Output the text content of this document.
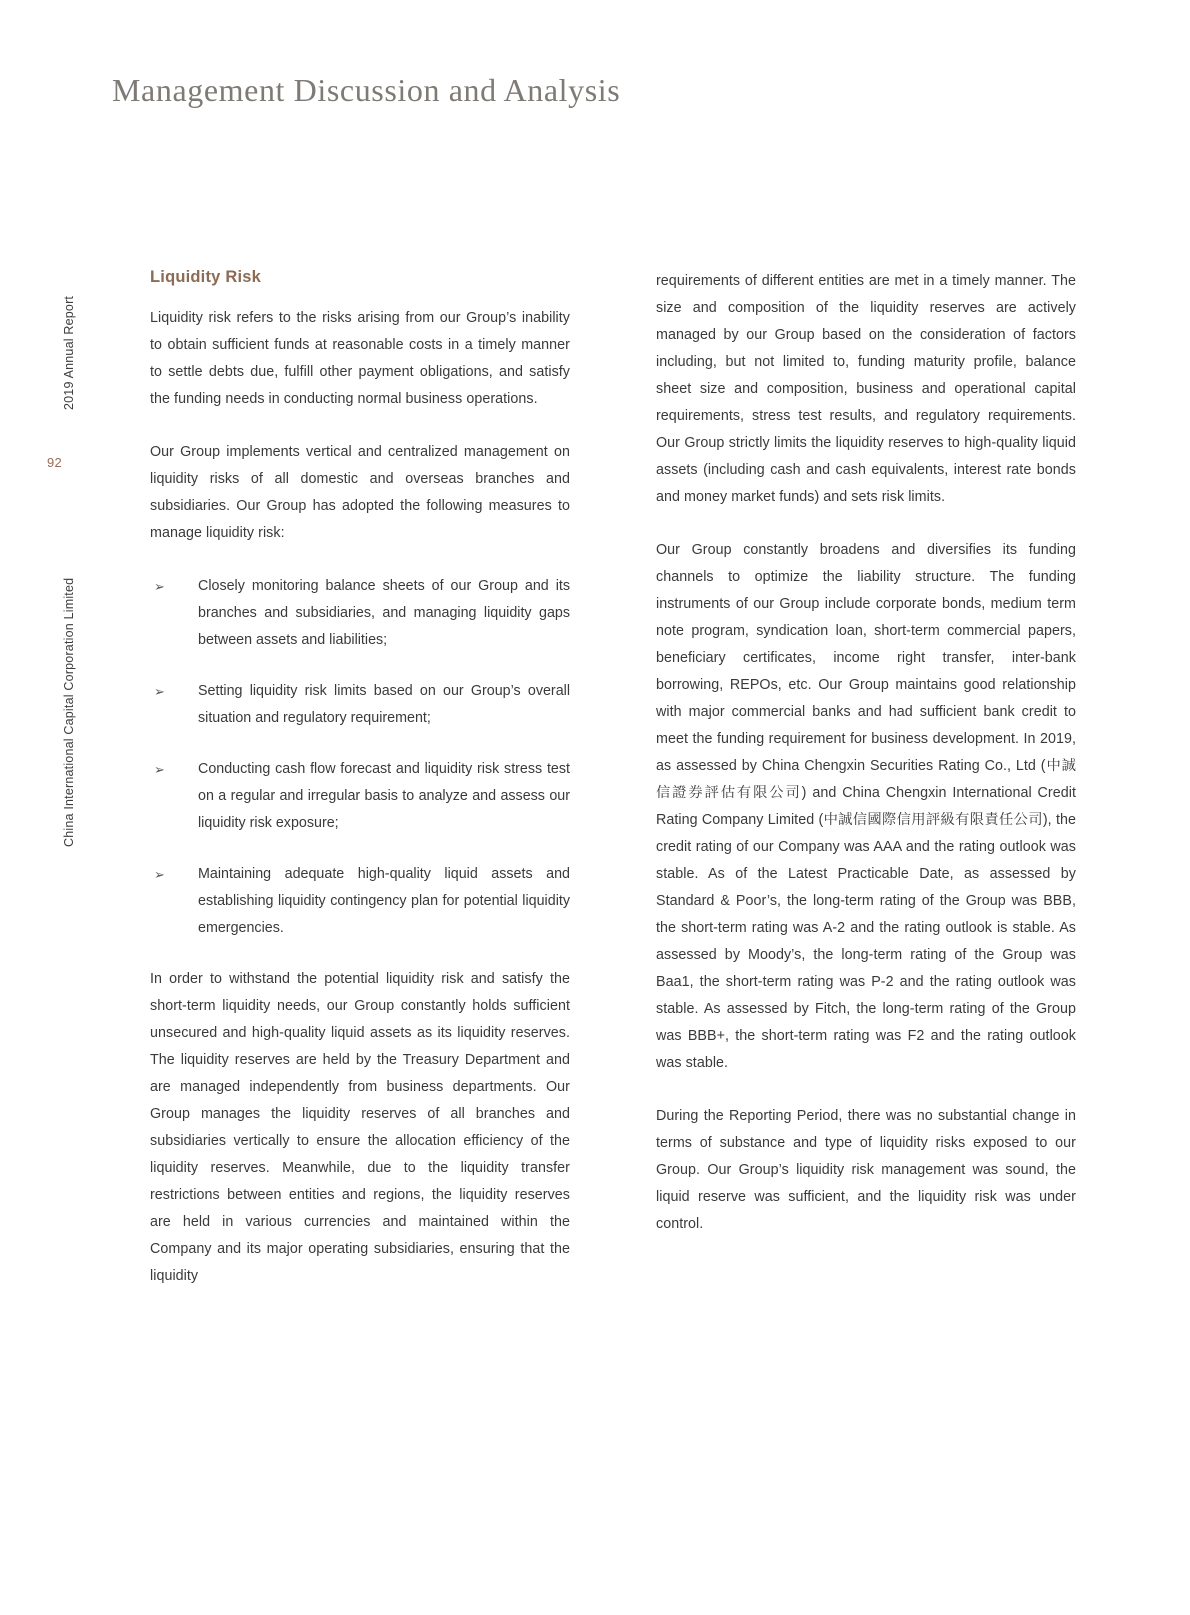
Management Discussion and Analysis
2019 Annual Report
China International Capital Corporation Limited
92
Liquidity Risk

Liquidity risk refers to the risks arising from our Group’s inability to obtain sufficient funds at reasonable costs in a timely manner to settle debts due, fulfill other payment obligations, and satisfy the funding needs in conducting normal business operations.

Our Group implements vertical and centralized management on liquidity risks of all domestic and overseas branches and subsidiaries. Our Group has adopted the following measures to manage liquidity risk:

➢ Closely monitoring balance sheets of our Group and its branches and subsidiaries, and managing liquidity gaps between assets and liabilities;
➢ Setting liquidity risk limits based on our Group’s overall situation and regulatory requirement;
➢ Conducting cash flow forecast and liquidity risk stress test on a regular and irregular basis to analyze and assess our liquidity risk exposure;
➢ Maintaining adequate high-quality liquid assets and establishing liquidity contingency plan for potential liquidity emergencies.

In order to withstand the potential liquidity risk and satisfy the short-term liquidity needs, our Group constantly holds sufficient unsecured and high-quality liquid assets as its liquidity reserves. The liquidity reserves are held by the Treasury Department and are managed independently from business departments. Our Group manages the liquidity reserves of all branches and subsidiaries vertically to ensure the allocation efficiency of the liquidity reserves. Meanwhile, due to the liquidity transfer restrictions between entities and regions, the liquidity reserves are held in various currencies and maintained within the Company and its major operating subsidiaries, ensuring that the liquidity

requirements of different entities are met in a timely manner. The size and composition of the liquidity reserves are actively managed by our Group based on the consideration of factors including, but not limited to, funding maturity profile, balance sheet size and composition, business and operational capital requirements, stress test results, and regulatory requirements. Our Group strictly limits the liquidity reserves to high-quality liquid assets (including cash and cash equivalents, interest rate bonds and money market funds) and sets risk limits.

Our Group constantly broadens and diversifies its funding channels to optimize the liability structure. The funding instruments of our Group include corporate bonds, medium term note program, syndication loan, short-term commercial papers, beneficiary certificates, income right transfer, inter-bank borrowing, REPOs, etc. Our Group maintains good relationship with major commercial banks and had sufficient bank credit to meet the funding requirement for business development. In 2019, as assessed by China Chengxin Securities Rating Co., Ltd (中誠信證券評估有限公司) and China Chengxin International Credit Rating Company Limited (中誠信國際信用評級有限責任公司), the credit rating of our Company was AAA and the rating outlook was stable. As of the Latest Practicable Date, as assessed by Standard & Poor’s, the long-term rating of the Group was BBB, the short-term rating was A-2 and the rating outlook is stable. As assessed by Moody’s, the long-term rating of the Group was Baa1, the short-term rating was P-2 and the rating outlook was stable. As assessed by Fitch, the long-term rating of the Group was BBB+, the short-term rating was F2 and the rating outlook was stable.

During the Reporting Period, there was no substantial change in terms of substance and type of liquidity risks exposed to our Group. Our Group’s liquidity risk management was sound, the liquid reserve was sufficient, and the liquidity risk was under control.
